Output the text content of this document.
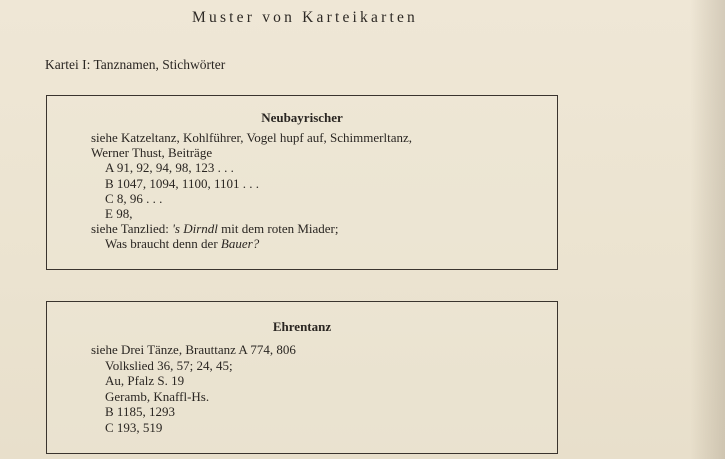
Muster von Karteikarten
Kartei I: Tanznamen, Stichwörter
Neubayrischer
siehe Katzeltanz, Kohlführer, Vogel hupf auf, Schimmerltanz,
Werner Thust, Beiträge
A 91, 92, 94, 98, 123 . . .
B 1047, 1094, 1100, 1101 . . .
C 8, 96 . . .
E 98,
siehe Tanzlied: 's Dirndl mit dem roten Miader;
Was braucht denn der Bauer?
Ehrentanz
siehe Drei Tänze, Brauttanz A 774, 806
Volkslied 36, 57; 24, 45;
Au, Pfalz S. 19
Geramb, Knaffl-Hs.
B 1185, 1293
C 193, 519
